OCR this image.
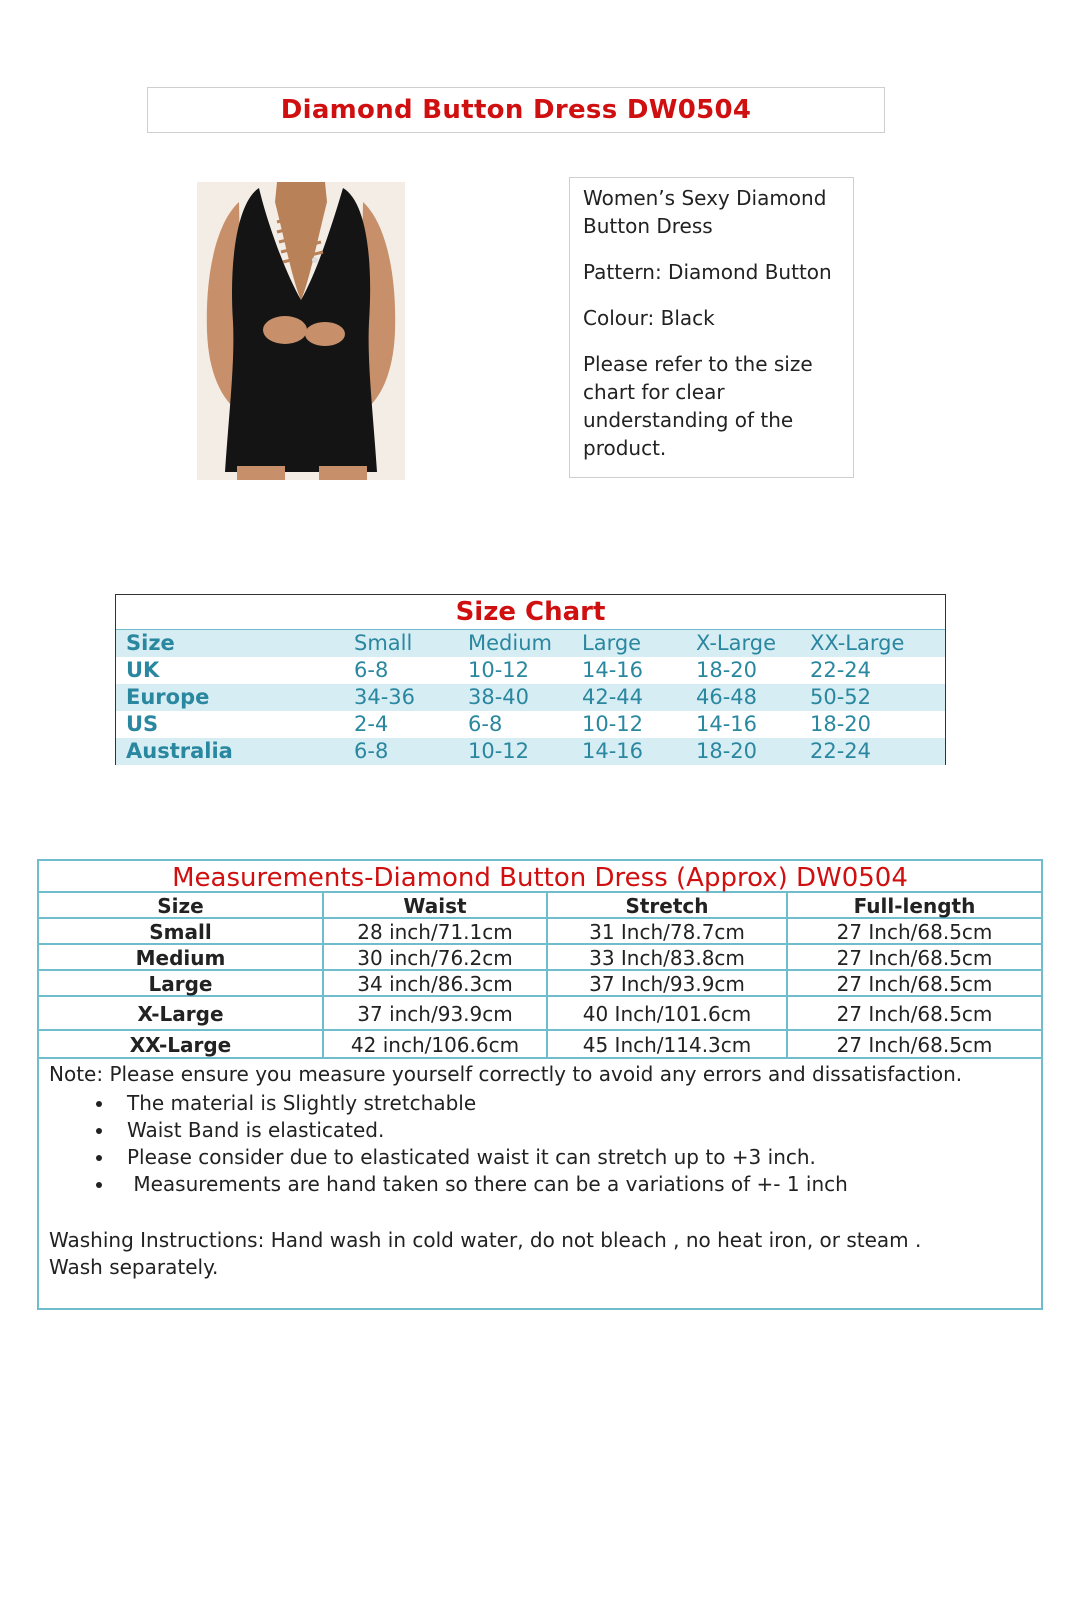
Diamond Button Dress DW0504

Women’s Sexy Diamond Button Dress

Pattern: Diamond Button

Colour: Black

Please refer to the size chart for clear understanding of the product.

Size Chart
Size	Small	Medium	Large	X-Large	XX-Large
UK	6-8	10-12	14-16	18-20	22-24
Europe	34-36	38-40	42-44	46-48	50-52
US	2-4	6-8	10-12	14-16	18-20
Australia	6-8	10-12	14-16	18-20	22-24
Measurements-Diamond Button Dress (Approx) DW0504
Size	Waist	Stretch	Full-length
Small	28 inch/71.1cm	31 Inch/78.7cm	27 Inch/68.5cm
Medium	30 inch/76.2cm	33 Inch/83.8cm	27 Inch/68.5cm
Large	34 inch/86.3cm	37 Inch/93.9cm	27 Inch/68.5cm
X-Large	37 inch/93.9cm	40 Inch/101.6cm	27 Inch/68.5cm
XX-Large	42 inch/106.6cm	45 Inch/114.3cm	27 Inch/68.5cm
Note: Please ensure you measure yourself correctly to avoid any errors and dissatisfaction.
• The material is Slightly stretchable
• Waist Band is elasticated.
• Please consider due to elasticated waist it can stretch up to +3 inch.
•  Measurements are hand taken so there can be a variations of +- 1 inch
Washing Instructions: Hand wash in cold water, do not bleach , no heat iron, or steam .
Wash separately.
